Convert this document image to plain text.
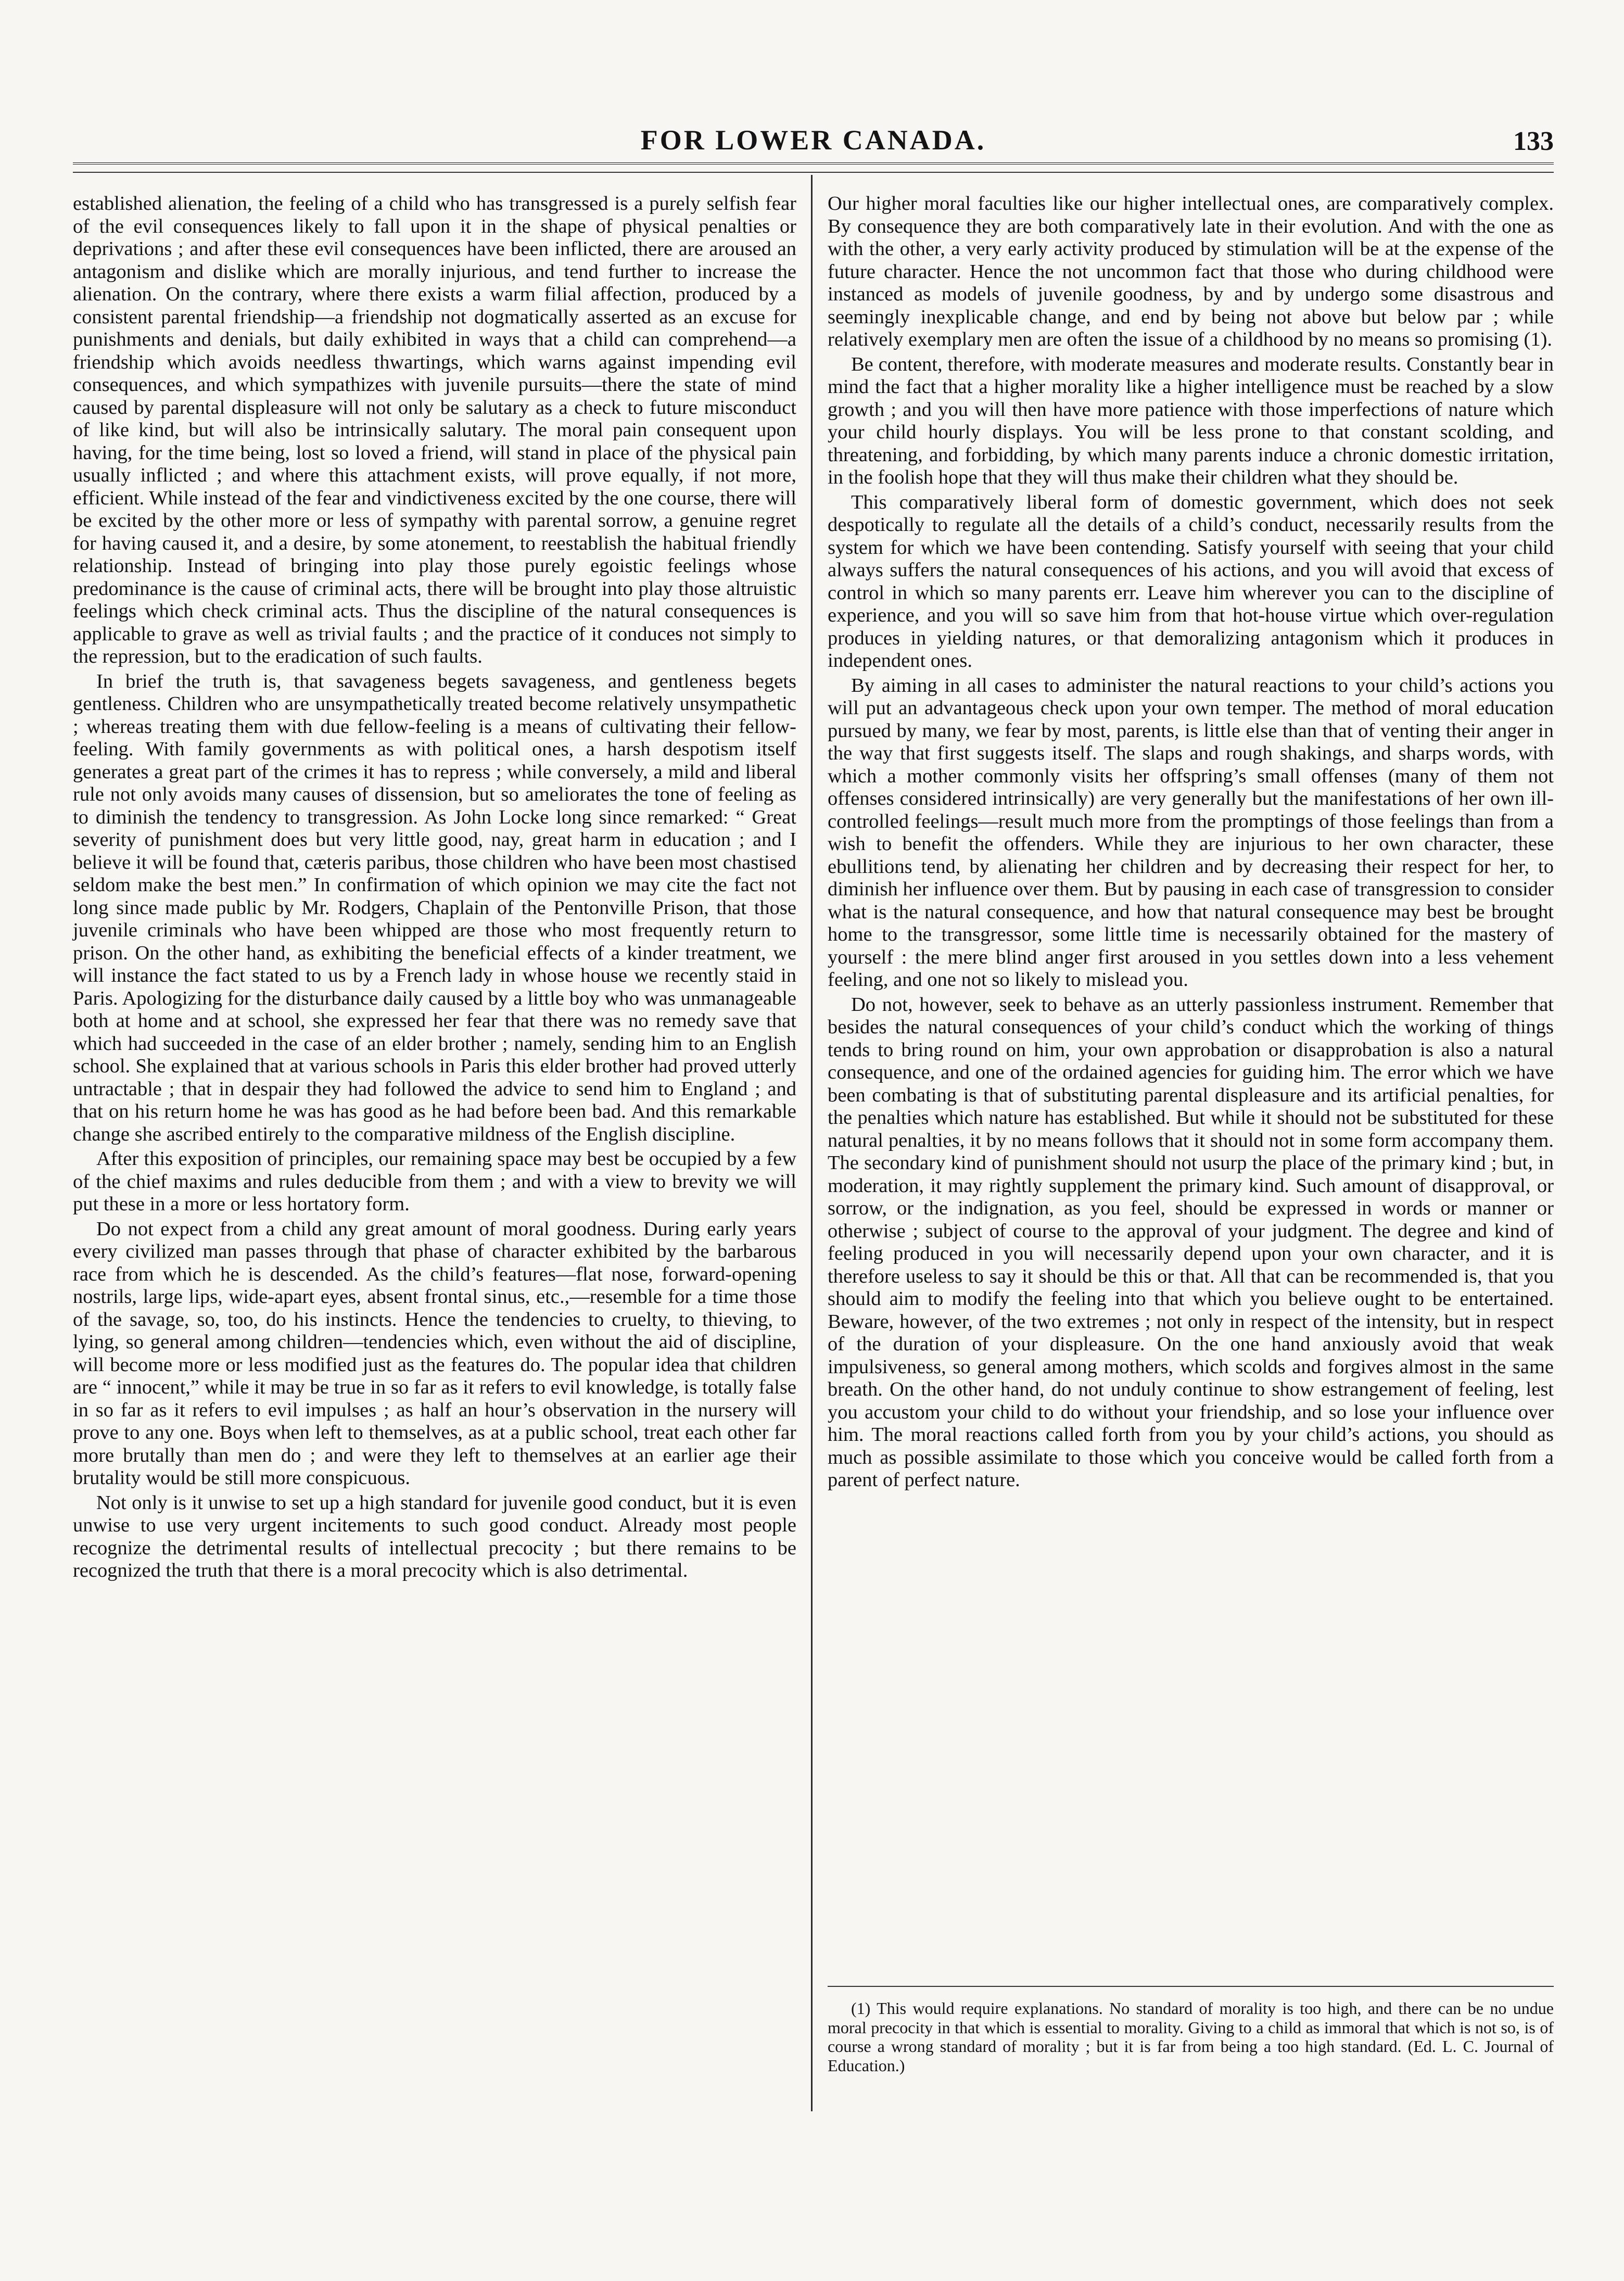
FOR LOWER CANADA.	133

established alienation, the feeling of a child who has transgressed is a purely selfish fear of the evil consequences likely to fall upon it in the shape of physical penalties or deprivations ; and after these evil consequences have been inflicted, there are aroused an antagonism and dislike which are morally injurious, and tend further to increase the alienation. On the contrary, where there exists a warm filial affection, produced by a consistent parental friendship—a friendship not dogmatically asserted as an excuse for punishments and denials, but daily exhibited in ways that a child can comprehend—a friendship which avoids needless thwartings, which warns against impending evil consequences, and which sympathizes with juvenile pursuits—there the state of mind caused by parental displeasure will not only be salutary as a check to future misconduct of like kind, but will also be intrinsically salutary. The moral pain consequent upon having, for the time being, lost so loved a friend, will stand in place of the physical pain usually inflicted ; and where this attachment exists, will prove equally, if not more, efficient. While instead of the fear and vindictiveness excited by the one course, there will be excited by the other more or less of sympathy with parental sorrow, a genuine regret for having caused it, and a desire, by some atonement, to reestablish the habitual friendly relationship. Instead of bringing into play those purely egoistic feelings whose predominance is the cause of criminal acts, there will be brought into play those altruistic feelings which check criminal acts. Thus the discipline of the natural consequences is applicable to grave as well as trivial faults ; and the practice of it conduces not simply to the repression, but to the eradication of such faults.

In brief the truth is, that savageness begets savageness, and gentleness begets gentleness. Children who are unsympathetically treated become relatively unsympathetic ; whereas treating them with due fellow-feeling is a means of cultivating their fellow-feeling. With family governments as with political ones, a harsh despotism itself generates a great part of the crimes it has to repress ; while conversely, a mild and liberal rule not only avoids many causes of dissension, but so ameliorates the tone of feeling as to diminish the tendency to transgression. As John Locke long since remarked: “ Great severity of punishment does but very little good, nay, great harm in education ; and I believe it will be found that, cæteris paribus, those children who have been most chastised seldom make the best men.” In confirmation of which opinion we may cite the fact not long since made public by Mr. Rodgers, Chaplain of the Pentonville Prison, that those juvenile criminals who have been whipped are those who most frequently return to prison. On the other hand, as exhibiting the beneficial effects of a kinder treatment, we will instance the fact stated to us by a French lady in whose house we recently staid in Paris. Apologizing for the disturbance daily caused by a little boy who was unmanageable both at home and at school, she expressed her fear that there was no remedy save that which had succeeded in the case of an elder brother ; namely, sending him to an English school. She explained that at various schools in Paris this elder brother had proved utterly untractable ; that in despair they had followed the advice to send him to England ; and that on his return home he was has good as he had before been bad. And this remarkable change she ascribed entirely to the comparative mildness of the English discipline.

After this exposition of principles, our remaining space may best be occupied by a few of the chief maxims and rules deducible from them ; and with a view to brevity we will put these in a more or less hortatory form.

Do not expect from a child any great amount of moral goodness. During early years every civilized man passes through that phase of character exhibited by the barbarous race from which he is descended. As the child’s features—flat nose, forward-opening nostrils, large lips, wide-apart eyes, absent frontal sinus, etc.,—resemble for a time those of the savage, so, too, do his instincts. Hence the tendencies to cruelty, to thieving, to lying, so general among children—tendencies which, even without the aid of discipline, will become more or less modified just as the features do. The popular idea that children are “ innocent,” while it may be true in so far as it refers to evil knowledge, is totally false in so far as it refers to evil impulses ; as half an hour’s observation in the nursery will prove to any one. Boys when left to themselves, as at a public school, treat each other far more brutally than men do ; and were they left to themselves at an earlier age their brutality would be still more conspicuous.

Not only is it unwise to set up a high standard for juvenile good conduct, but it is even unwise to use very urgent incitements to such good conduct. Already most people recognize the detrimental results of intellectual precocity ; but there remains to be recognized the truth that there is a moral precocity which is also detrimental.

Our higher moral faculties like our higher intellectual ones, are comparatively complex. By consequence they are both comparatively late in their evolution. And with the one as with the other, a very early activity produced by stimulation will be at the expense of the future character. Hence the not uncommon fact that those who during childhood were instanced as models of juvenile goodness, by and by undergo some disastrous and seemingly inexplicable change, and end by being not above but below par ; while relatively exemplary men are often the issue of a childhood by no means so promising (1).

Be content, therefore, with moderate measures and moderate results. Constantly bear in mind the fact that a higher morality like a higher intelligence must be reached by a slow growth ; and you will then have more patience with those imperfections of nature which your child hourly displays. You will be less prone to that constant scolding, and threatening, and forbidding, by which many parents induce a chronic domestic irritation, in the foolish hope that they will thus make their children what they should be.

This comparatively liberal form of domestic government, which does not seek despotically to regulate all the details of a child’s conduct, necessarily results from the system for which we have been contending. Satisfy yourself with seeing that your child always suffers the natural consequences of his actions, and you will avoid that excess of control in which so many parents err. Leave him wherever you can to the discipline of experience, and you will so save him from that hot-house virtue which over-regulation produces in yielding natures, or that demoralizing antagonism which it produces in independent ones.

By aiming in all cases to administer the natural reactions to your child’s actions you will put an advantageous check upon your own temper. The method of moral education pursued by many, we fear by most, parents, is little else than that of venting their anger in the way that first suggests itself. The slaps and rough shakings, and sharps words, with which a mother commonly visits her offspring’s small offenses (many of them not offenses considered intrinsically) are very generally but the manifestations of her own ill-controlled feelings—result much more from the promptings of those feelings than from a wish to benefit the offenders. While they are injurious to her own character, these ebullitions tend, by alienating her children and by decreasing their respect for her, to diminish her influence over them. But by pausing in each case of transgression to consider what is the natural consequence, and how that natural consequence may best be brought home to the transgressor, some little time is necessarily obtained for the mastery of yourself : the mere blind anger first aroused in you settles down into a less vehement feeling, and one not so likely to mislead you.

Do not, however, seek to behave as an utterly passionless instrument. Remember that besides the natural consequences of your child’s conduct which the working of things tends to bring round on him, your own approbation or disapprobation is also a natural consequence, and one of the ordained agencies for guiding him. The error which we have been combating is that of substituting parental displeasure and its artificial penalties, for the penalties which nature has established. But while it should not be substituted for these natural penalties, it by no means follows that it should not in some form accompany them. The secondary kind of punishment should not usurp the place of the primary kind ; but, in moderation, it may rightly supplement the primary kind. Such amount of disapproval, or sorrow, or the indignation, as you feel, should be expressed in words or manner or otherwise ; subject of course to the approval of your judgment. The degree and kind of feeling produced in you will necessarily depend upon your own character, and it is therefore useless to say it should be this or that. All that can be recommended is, that you should aim to modify the feeling into that which you believe ought to be entertained. Beware, however, of the two extremes ; not only in respect of the intensity, but in respect of the duration of your displeasure. On the one hand anxiously avoid that weak impulsiveness, so general among mothers, which scolds and forgives almost in the same breath. On the other hand, do not unduly continue to show estrangement of feeling, lest you accustom your child to do without your friendship, and so lose your influence over him. The moral reactions called forth from you by your child’s actions, you should as much as possible assimilate to those which you conceive would be called forth from a parent of perfect nature.

(1) This would require explanations. No standard of morality is too high, and there can be no undue moral precocity in that which is essential to morality. Giving to a child as immoral that which is not so, is of course a wrong standard of morality ; but it is far from being a too high standard. (Ed. L. C. Journal of Education.)
